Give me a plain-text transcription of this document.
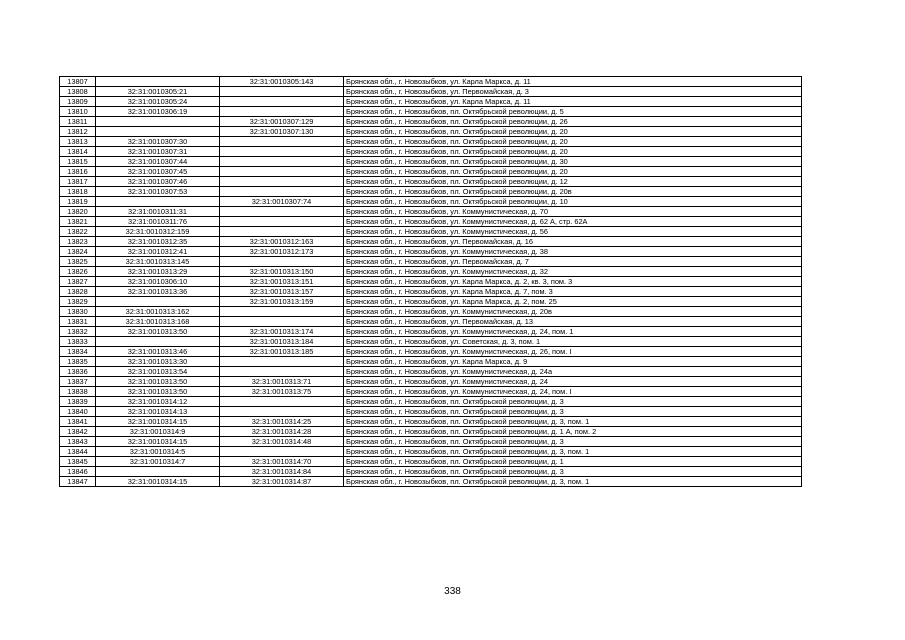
13807		32:31:0010305:143	Брянская обл., г. Новозыбков, ул. Карла Маркса, д. 11
13808	32:31:0010305:21		Брянская обл., г. Новозыбков, ул. Первомайская, д. 3
13809	32:31:0010305:24		Брянская обл., г. Новозыбков, ул. Карла Маркса, д. 11
13810	32:31:0010306:19		Брянская обл., г. Новозыбков, пл. Октябрьской революции, д. 5
13811		32:31:0010307:129	Брянская обл., г. Новозыбков, пл. Октябрьской революции, д. 26
13812		32:31:0010307:130	Брянская обл., г. Новозыбков, пл. Октябрьской революции, д. 20
13813	32:31:0010307:30		Брянская обл., г. Новозыбков, пл. Октябрьской революции, д. 20
13814	32:31:0010307:31		Брянская обл., г. Новозыбков, пл. Октябрьской революции, д. 20
13815	32:31:0010307:44		Брянская обл., г. Новозыбков, пл. Октябрьской революции, д. 30
13816	32:31:0010307:45		Брянская обл., г. Новозыбков, пл. Октябрьской революции, д. 20
13817	32:31:0010307:46		Брянская обл., г. Новозыбков, пл. Октябрьской революции, д. 12
13818	32:31:0010307:53		Брянская обл., г. Новозыбков, пл. Октябрьской революции, д. 20в
13819		32:31:0010307:74	Брянская обл., г. Новозыбков, пл. Октябрьской революции, д. 10
13820	32:31:0010311:31		Брянская обл., г. Новозыбков, ул. Коммунистическая, д. 70
13821	32:31:0010311:76		Брянская обл., г. Новозыбков, ул. Коммунистическая, д. 62 А, стр. 62А
13822	32:31:0010312:159		Брянская обл., г. Новозыбков, ул. Коммунистическая, д. 56
13823	32:31:0010312:35	32:31:0010312:163	Брянская обл., г. Новозыбков, ул. Первомайская, д. 16
13824	32:31:0010312:41	32:31:0010312:173	Брянская обл., г. Новозыбков, ул. Коммунистическая, д. 38
13825	32:31:0010313:145		Брянская обл., г. Новозыбков, ул. Первомайская, д. 7
13826	32:31:0010313:29	32:31:0010313:150	Брянская обл., г. Новозыбков, ул. Коммунистическая, д. 32
13827	32:31:0010306:10	32:31:0010313:151	Брянская обл., г. Новозыбков, ул. Карла Маркса, д. 2, кв. 3, пом. 3
13828	32:31:0010313:36	32:31:0010313:157	Брянская обл., г. Новозыбков, ул. Карла Маркса, д. 7, пом. 3
13829		32:31:0010313:159	Брянская обл., г. Новозыбков, ул. Карла Маркса, д. 2, пом. 25
13830	32:31:0010313:162		Брянская обл., г. Новозыбков, ул. Коммунистическая, д. 20в
13831	32:31:0010313:168		Брянская обл., г. Новозыбков, ул. Первомайская, д. 13
13832	32:31:0010313:50	32:31:0010313:174	Брянская обл., г. Новозыбков, ул. Коммунистическая, д. 24, пом. 1
13833		32:31:0010313:184	Брянская обл., г. Новозыбков, ул. Советская, д. 3, пом. 1
13834	32:31:0010313:46	32:31:0010313:185	Брянская обл., г. Новозыбков, ул. Коммунистическая, д. 26, пом. I
13835	32:31:0010313:30		Брянская обл., г. Новозыбков, ул. Карла Маркса, д. 9
13836	32:31:0010313:54		Брянская обл., г. Новозыбков, ул. Коммунистическая, д. 24а
13837	32:31:0010313:50	32:31:0010313:71	Брянская обл., г. Новозыбков, ул. Коммунистическая, д. 24
13838	32:31:0010313:50	32:31:0010313:75	Брянская обл., г. Новозыбков, ул. Коммунистическая, д. 24, пом. I
13839	32:31:0010314:12		Брянская обл., г. Новозыбков, пл. Октябрьской революции, д. 3
13840	32:31:0010314:13		Брянская обл., г. Новозыбков, пл. Октябрьской революции, д. 3
13841	32:31:0010314:15	32:31:0010314:25	Брянская обл., г. Новозыбков, пл. Октябрьской революции, д. 3, пом. 1
13842	32:31:0010314:9	32:31:0010314:28	Брянская обл., г. Новозыбков, пл. Октябрьской революции, д. 1 А, пом. 2
13843	32:31:0010314:15	32:31:0010314:48	Брянская обл., г. Новозыбков, пл. Октябрьской революции, д. 3
13844	32:31:0010314:5		Брянская обл., г. Новозыбков, пл. Октябрьской революции, д. 3, пом. 1
13845	32:31:0010314:7	32:31:0010314:70	Брянская обл., г. Новозыбков, пл. Октябрьской революции, д. 1
13846		32:31:0010314:84	Брянская обл., г. Новозыбков, пл. Октябрьской революции, д. 3
13847	32:31:0010314:15	32:31:0010314:87	Брянская обл., г. Новозыбков, пл. Октябрьской революции, д. 3, пом. 1
338
